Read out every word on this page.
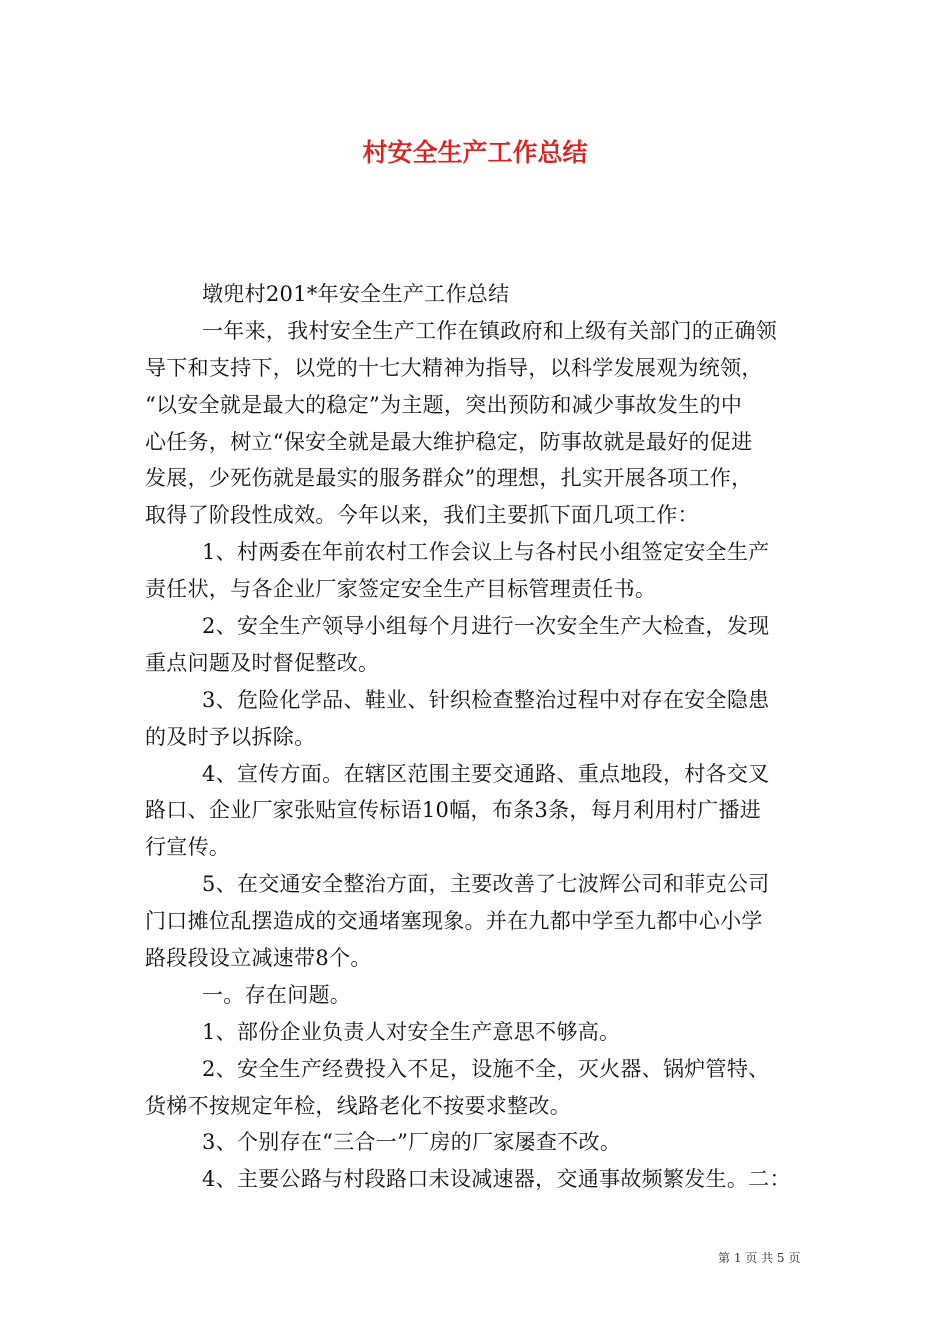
村安全生产工作总结
墩兜村201*年安全生产工作总结
一年来，我村安全生产工作在镇政府和上级有关部门的正确领
导下和支持下，以党的十七大精神为指导，以科学发展观为统领，
“以安全就是最大的稳定”为主题，突出预防和减少事故发生的中
心任务，树立“保安全就是最大维护稳定，防事故就是最好的促进
发展，少死伤就是最实的服务群众”的理想，扎实开展各项工作，
取得了阶段性成效。今年以来，我们主要抓下面几项工作：
1、村两委在年前农村工作会议上与各村民小组签定安全生产
责任状，与各企业厂家签定安全生产目标管理责任书。
2、安全生产领导小组每个月进行一次安全生产大检查，发现
重点问题及时督促整改。
3、危险化学品、鞋业、针织检查整治过程中对存在安全隐患
的及时予以拆除。
4、宣传方面。在辖区范围主要交通路、重点地段，村各交叉
路口、企业厂家张贴宣传标语10幅，布条3条，每月利用村广播进
行宣传。
5、在交通安全整治方面，主要改善了七波辉公司和菲克公司
门口摊位乱摆造成的交通堵塞现象。并在九都中学至九都中心小学
路段段设立减速带8个。
一。存在问题。
1、部份企业负责人对安全生产意思不够高。
2、安全生产经费投入不足，设施不全，灭火器、锅炉管特、
货梯不按规定年检，线路老化不按要求整改。
3、个别存在“三合一”厂房的厂家屡查不改。
4、主要公路与村段路口未设减速器，交通事故频繁发生。二：
第 1 页 共 5 页
